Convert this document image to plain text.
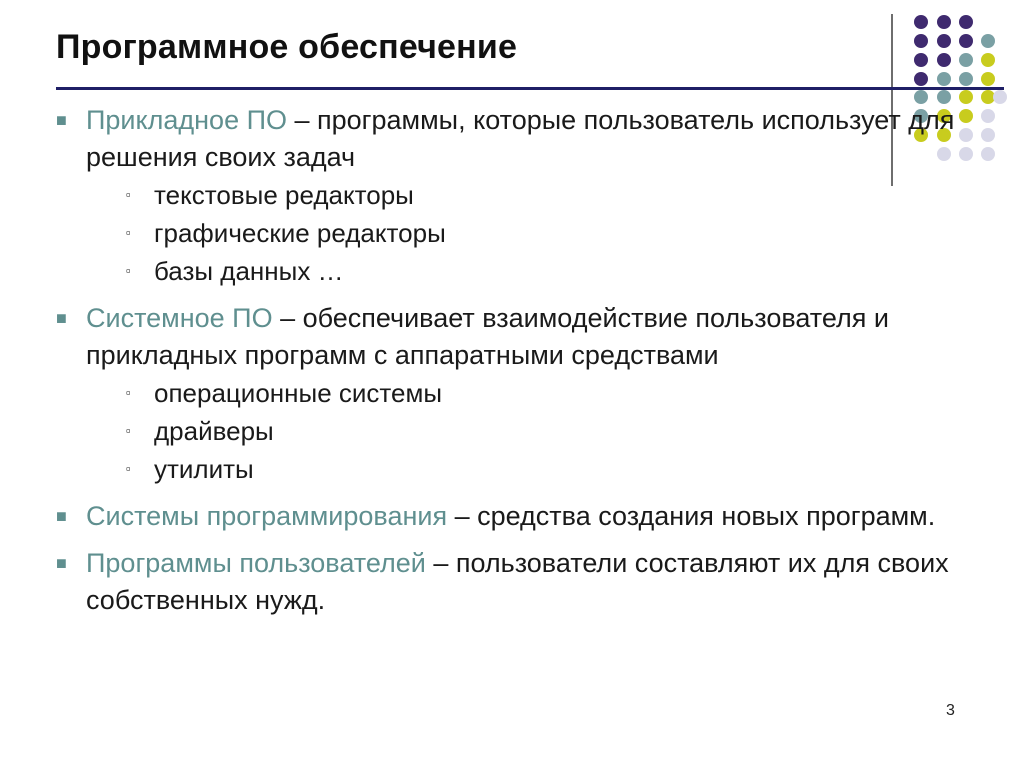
Программное обеспечение
■ Прикладное ПО – программы, которые пользователь использует для решения своих задач
▫ текстовые редакторы
▫ графические редакторы
▫ базы данных …
■ Системное ПО – обеспечивает взаимодействие пользователя и прикладных программ с аппаратными средствами
▫ операционные системы
▫ драйверы
▫ утилиты
■ Системы программирования – средства создания новых программ.
■ Программы пользователей – пользователи составляют их для своих собственных нужд.
3
